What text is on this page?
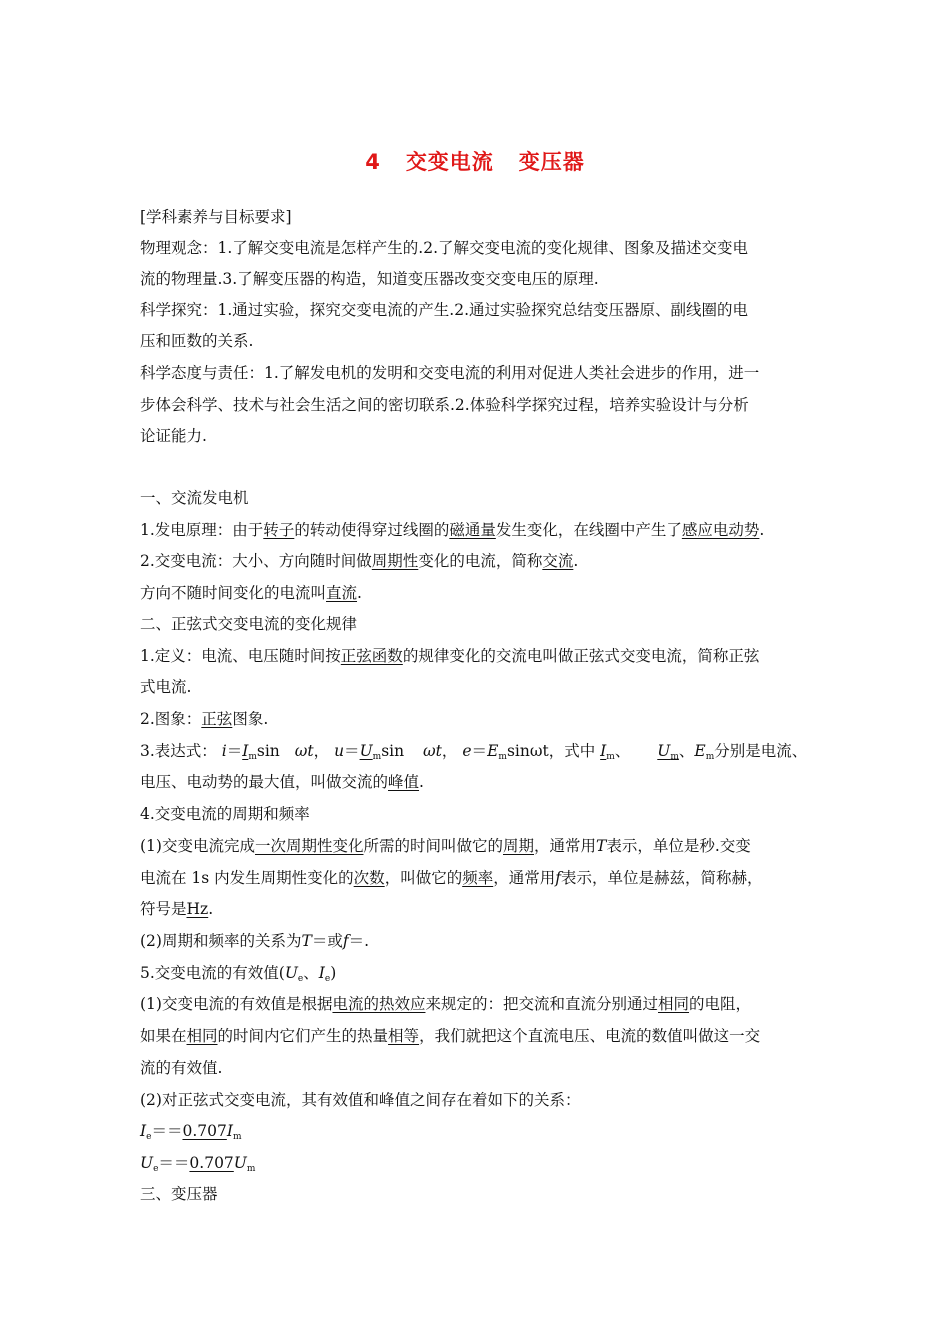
4 交变电流 变压器
[学科素养与目标要求]
物理观念：1.了解交变电流是怎样产生的.2.了解交变电流的变化规律、图象及描述交变电
流的物理量.3.了解变压器的构造，知道变压器改变交变电压的原理.
科学探究：1.通过实验，探究交变电流的产生.2.通过实验探究总结变压器原、副线圈的电
压和匝数的关系.
科学态度与责任：1.了解发电机的发明和交变电流的利用对促进人类社会进步的作用，进一
步体会科学、技术与社会生活之间的密切联系.2.体验科学探究过程，培养实验设计与分析
论证能力.
一、交流发电机
1.发电原理：由于转子的转动使得穿过线圈的磁通量发生变化，在线圈中产生了感应电动势.
2.交变电流：大小、方向随时间做周期性变化的电流，简称交流.
方向不随时间变化的电流叫直流.
二、正弦式交变电流的变化规律
1.定义：电流、电压随时间按正弦函数的规律变化的交流电叫做正弦式交变电流，简称正弦
式电流.
2.图象：正弦图象.
3.表达式： $i=I_m\sin$ ωt， $u=U_m\sin$ ωt， $e=E_m\sin\omega t$，式中 $I_m$、 $U_m$、$E_m$分别是电流、
电压、电动势的最大值，叫做交流的峰值.
4.交变电流的周期和频率
(1)交变电流完成一次周期性变化所需的时间叫做它的周期，通常用T表示，单位是秒.交变
电流在 1s 内发生周期性变化的次数，叫做它的频率，通常用f表示，单位是赫兹，简称赫，
符号是Hz.
(2)周期和频率的关系为T＝或f＝.
5.交变电流的有效值($U_e$、$I_e$)
(1)交变电流的有效值是根据电流的热效应来规定的：把交流和直流分别通过相同的电阻，
如果在相同的时间内它们产生的热量相等，我们就把这个直流电压、电流的数值叫做这一交
流的有效值.
(2)对正弦式交变电流，其有效值和峰值之间存在着如下的关系：
$I_e==0.707I_m$
$U_e==0.707U_m$
三、变压器
